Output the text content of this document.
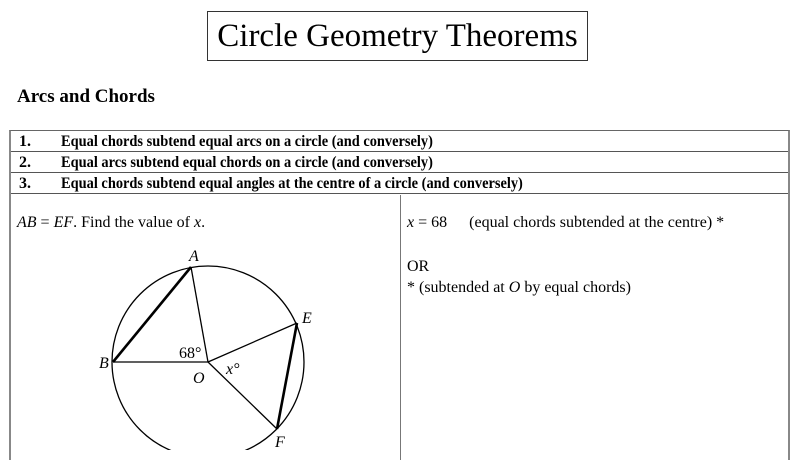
Circle Geometry Theorems
Arcs and Chords
1. Equal chords subtend equal arcs on a circle (and conversely)
2. Equal arcs subtend equal chords on a circle (and conversely)
3. Equal chords subtend equal angles at the centre of a circle (and conversely)
AB = EF. Find the value of x.	x = 68 (equal chords subtended at the centre) *
OR
* (subtended at O by equal chords)
A
B
E
F
O
68°
x°
